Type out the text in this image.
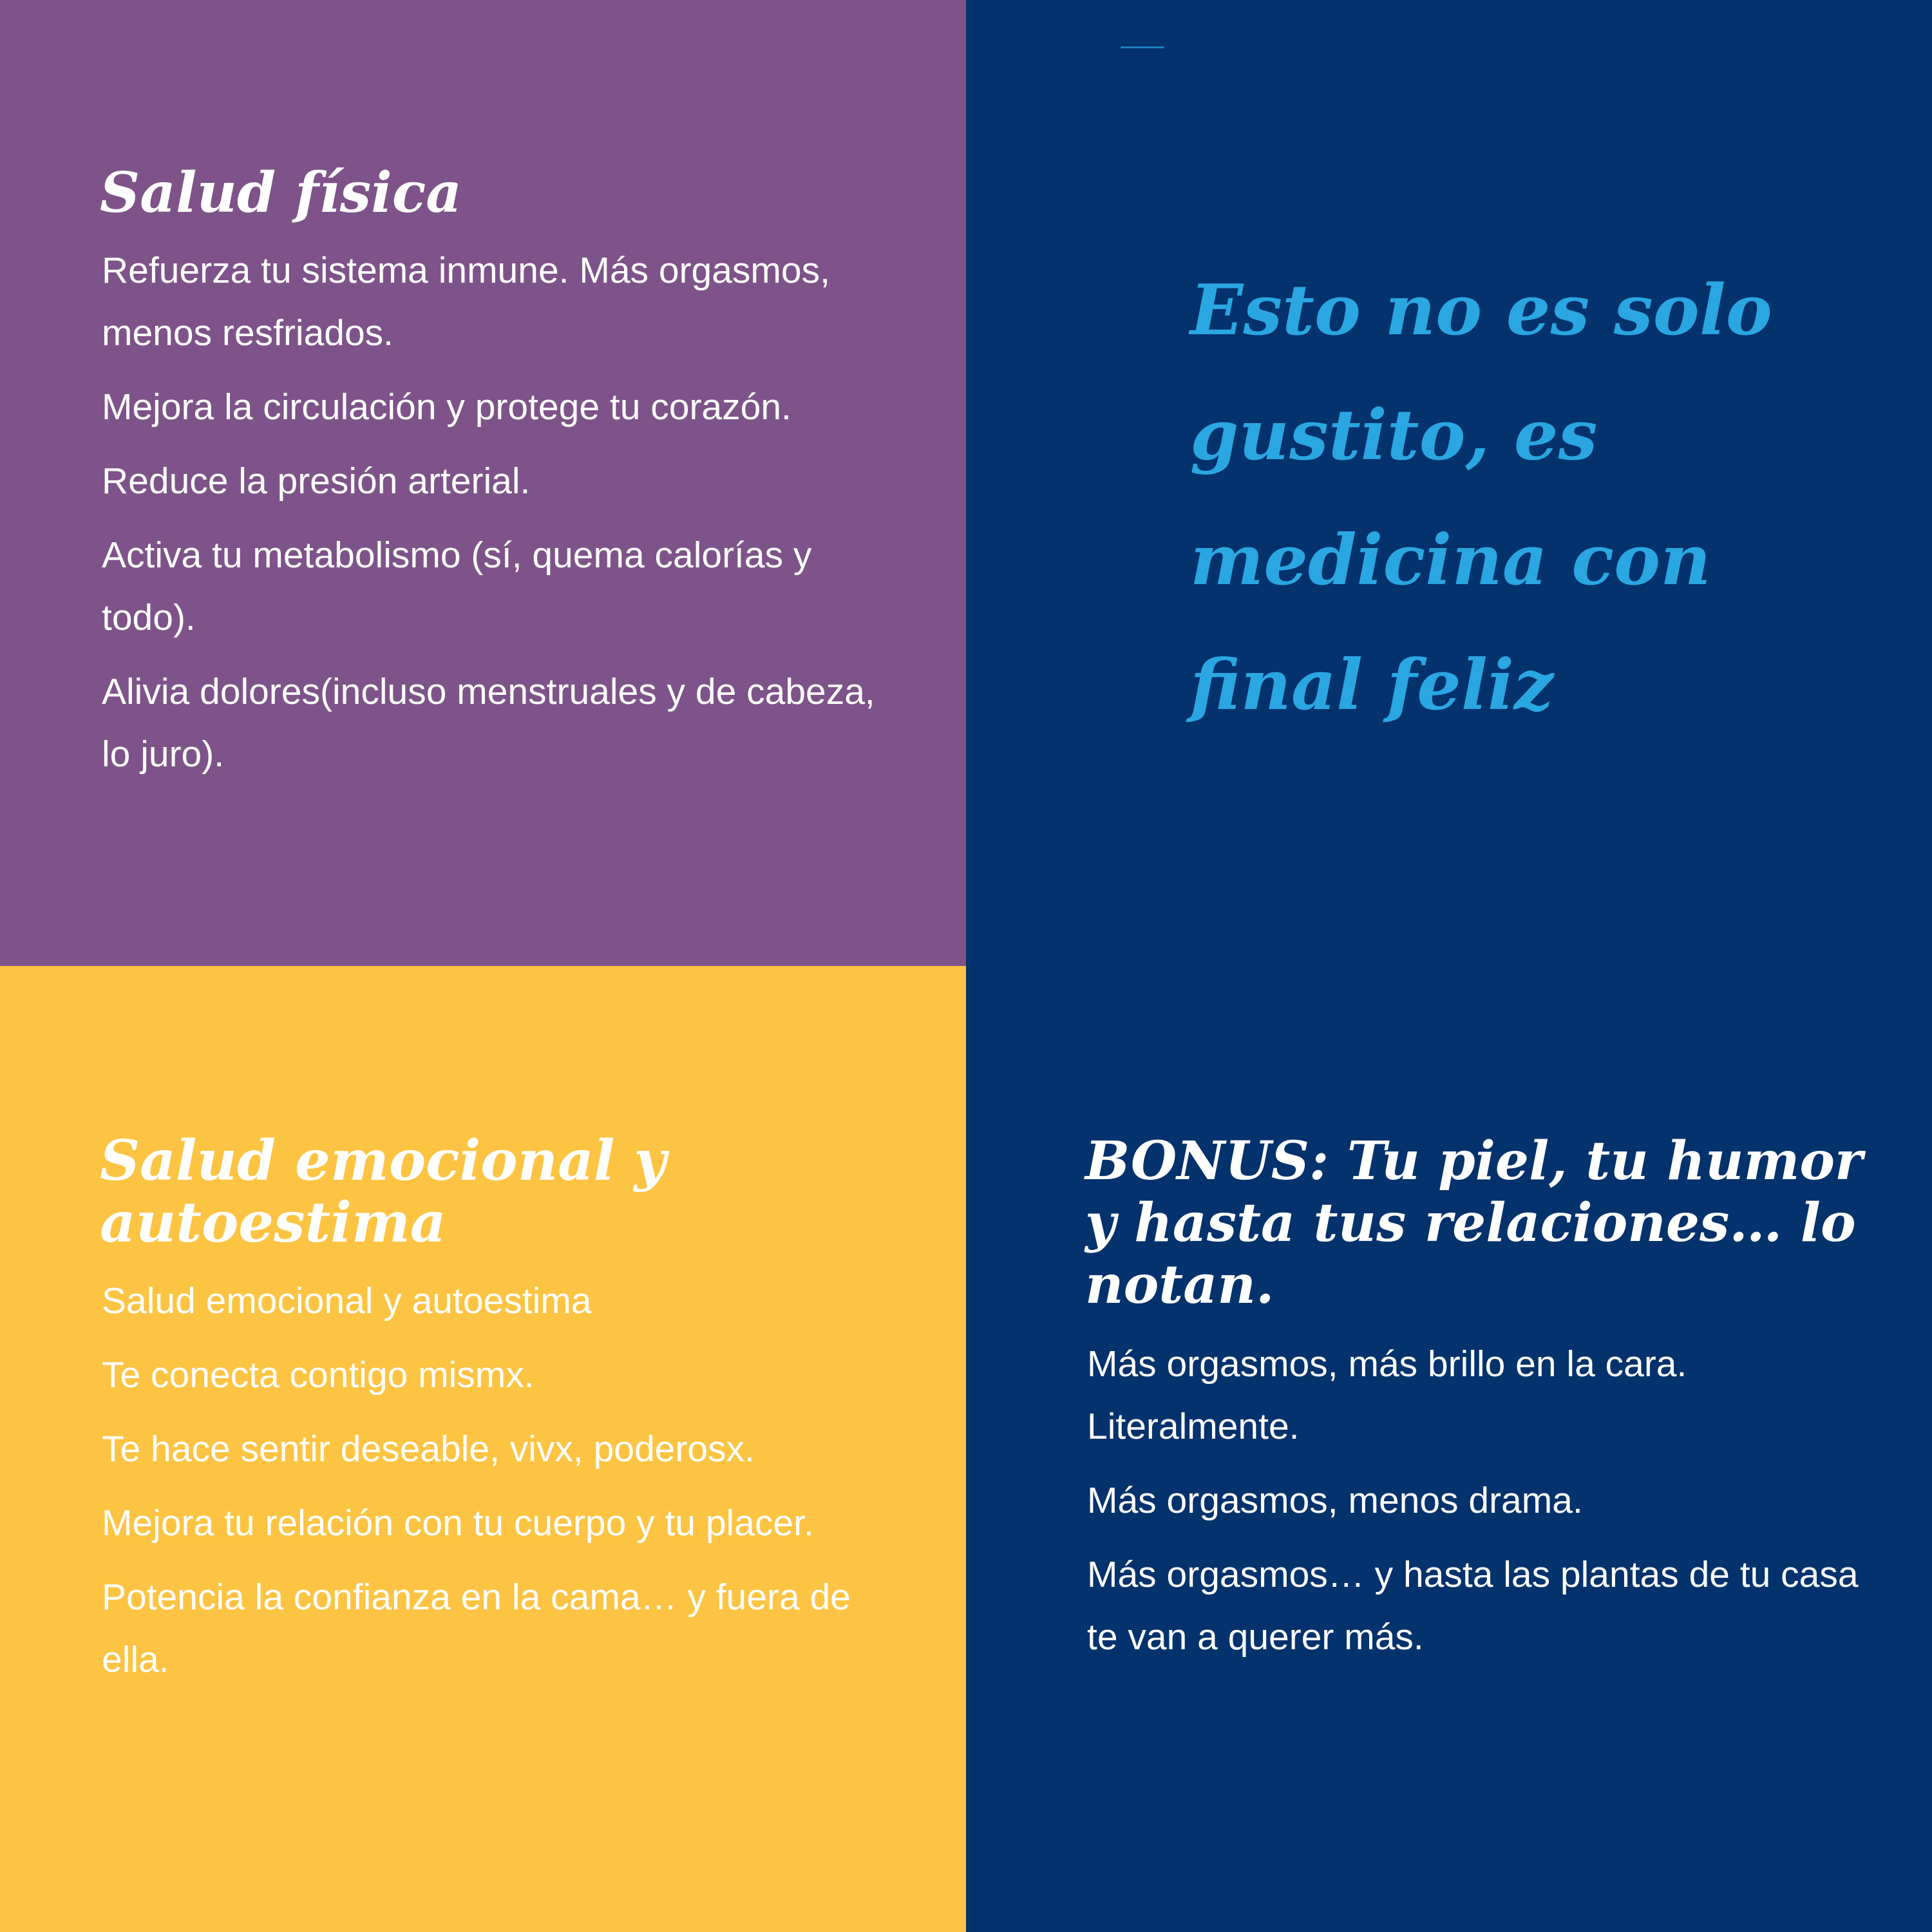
Salud física
Refuerza tu sistema inmune. Más orgasmos, menos resfriados.
Mejora la circulación y protege tu corazón.
Reduce la presión arterial.
Activa tu metabolismo (sí, quema calorías y todo).
Alivia dolores(incluso menstruales y de cabeza, lo juro).

Esto no es solo gustito, es medicina con final feliz

Salud emocional y autoestima
Salud emocional y autoestima
Te conecta contigo mismx.
Te hace sentir deseable, vivx, poderosx.
Mejora tu relación con tu cuerpo y tu placer.
Potencia la confianza en la cama… y fuera de ella.
BONUS: Tu piel, tu humor y hasta tus relaciones… lo notan.
Más orgasmos, más brillo en la cara. Literalmente.
Más orgasmos, menos drama.
Más orgasmos… y hasta las plantas de tu casa te van a querer más.
